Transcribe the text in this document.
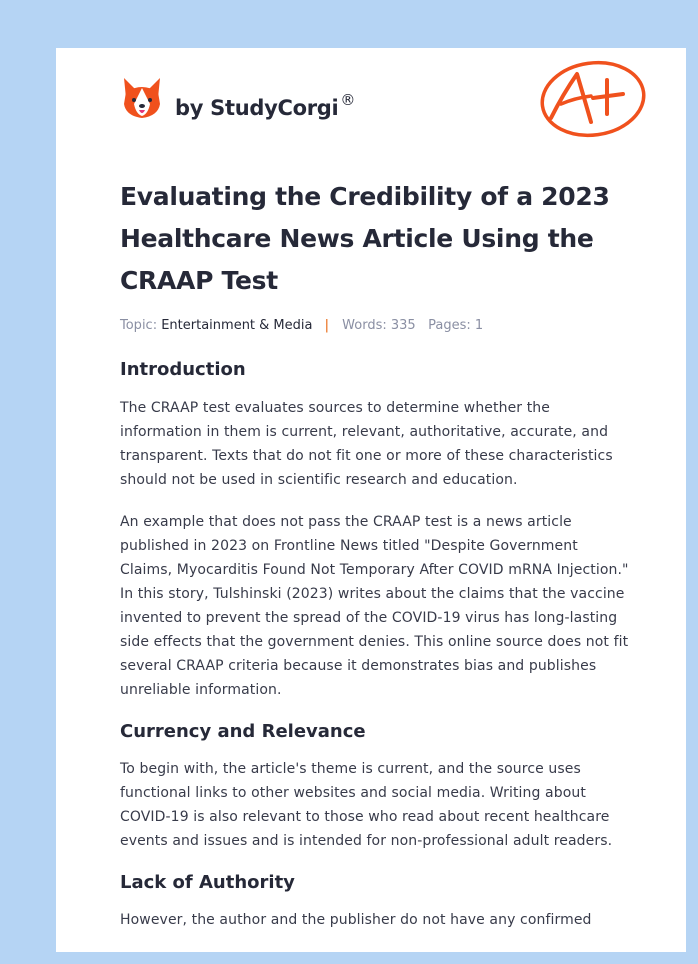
by StudyCorgi ®
Evaluating the Credibility of a 2023 Healthcare News Article Using the CRAAP Test
Topic: Entertainment & Media | Words: 335 Pages: 1
Introduction

The CRAAP test evaluates sources to determine whether the information in them is current, relevant, authoritative, accurate, and transparent. Texts that do not fit one or more of these characteristics should not be used in scientific research and education.

An example that does not pass the CRAAP test is a news article published in 2023 on Frontline News titled "Despite Government Claims, Myocarditis Found Not Temporary After COVID mRNA Injection." In this story, Tulshinski (2023) writes about the claims that the vaccine invented to prevent the spread of the COVID-19 virus has long-lasting side effects that the government denies. This online source does not fit several CRAAP criteria because it demonstrates bias and publishes unreliable information.

Currency and Relevance

To begin with, the article's theme is current, and the source uses functional links to other websites and social media. Writing about COVID-19 is also relevant to those who read about recent healthcare events and issues and is intended for non-professional adult readers.

Lack of Authority

However, the author and the publisher do not have any confirmed
